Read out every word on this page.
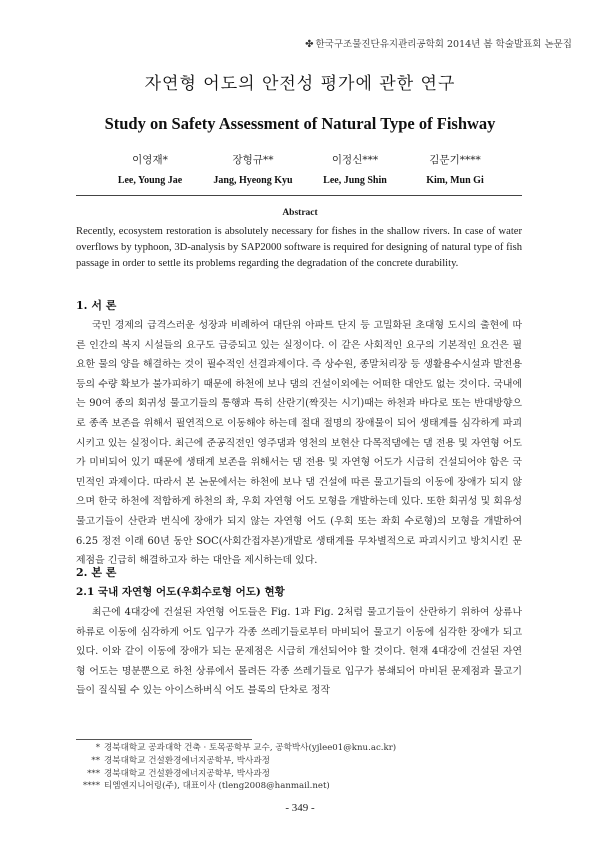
✤ 한국구조물진단유지관리공학회 2014년 봄 학술발표회 논문집
자연형 어도의 안전성 평가에 관한 연구
Study on Safety Assessment of Natural Type of Fishway
이영재*
Lee, Young Jae
장형규**
Jang, Hyeong Kyu
이정신***
Lee, Jung Shin
김문기****
Kim, Mun Gi
Abstract
Recently, ecosystem restoration is absolutely necessary for fishes in the shallow rivers. In case of water overflows by typhoon, 3D-analysis by SAP2000 software is required for designing of natural type of fish passage in order to settle its problems regarding the degradation of the concrete durability.
1. 서 론
국민 경제의 급격스러운 성장과 비례하여 대단위 아파트 단지 등 고밀화된 초대형 도시의 출현에 따른 인간의 복지 시설들의 요구도 급증되고 있는 실정이다. 이 같은 사회적인 요구의 기본적인 요건은 필요한 물의 양을 해결하는 것이 필수적인 선결과제이다. 즉 상수원, 종말처리장 등 생활용수시설과 발전용 등의 수량 확보가 불가피하기 때문에 하천에 보나 댐의 건설이외에는 어떠한 대안도 없는 것이다. 국내에는 90여 종의 회귀성 물고기들의 통행과 특히 산란기(짝짓는 시기)때는 하천과 바다로 또는 반대방향으로 종족 보존을 위해서 필연적으로 이동해야 하는데 절대 절명의 장애물이 되어 생태계를 심각하게 파괴 시키고 있는 실정이다. 최근에 준공직전인 영주댐과 영천의 보현산 다목적댐에는 댐 전용 및 자연형 어도가 미비되어 있기 때문에 생태계 보존을 위해서는 댐 전용 및 자연형 어도가 시급히 건설되어야 함은 국민적인 과제이다. 따라서 본 논문에서는 하천에 보나 댐 건설에 따른 물고기들의 이동에 장애가 되지 않으며 한국 하천에 적합하게 하천의 좌, 우회 자연형 어도 모형을 개발하는데 있다. 또한 회귀성 및 회유성 물고기들이 산란과 번식에 장애가 되지 않는 자연형 어도 (우회 또는 좌회 수로형)의 모형을 개발하여 6.25 정전 이래 60년 동안 SOC(사회간접자본)개발로 생태계를 무차별적으로 파괴시키고 방치시킨 문제점을 긴급히 해결하고자 하는 대안을 제시하는데 있다.
2. 본 론
2.1 국내 자연형 어도(우회수로형 어도) 현황
최근에 4대강에 건설된 자연형 어도들은 Fig. 1과 Fig. 2처럼 물고기들이 산란하기 위하여 상류나 하류로 이동에 심각하게 어도 입구가 각종 쓰레기들로부터 마비되어 물고기 이동에 심각한 장애가 되고 있다. 이와 같이 이동에 장애가 되는 문제점은 시급히 개선되어야 할 것이다. 현재 4대강에 건설된 자연형 어도는 명분뿐으로 하천 상류에서 몰려든 각종 쓰레기들로 입구가 봉쇄되어 마비된 문제점과 물고기들이 질식될 수 있는 아이스하버식 어도 블록의 단차로 정작
* 경북대학교 공과대학 건축 · 토목공학부 교수, 공학박사(yjlee01@knu.ac.kr)
** 경북대학교 건설환경에너지공학부, 박사과정
*** 경북대학교 건설환경에너지공학부, 박사과정
**** 티엠엔지니어링(주), 대표이사 (tleng2008@hanmail.net)
- 349 -
